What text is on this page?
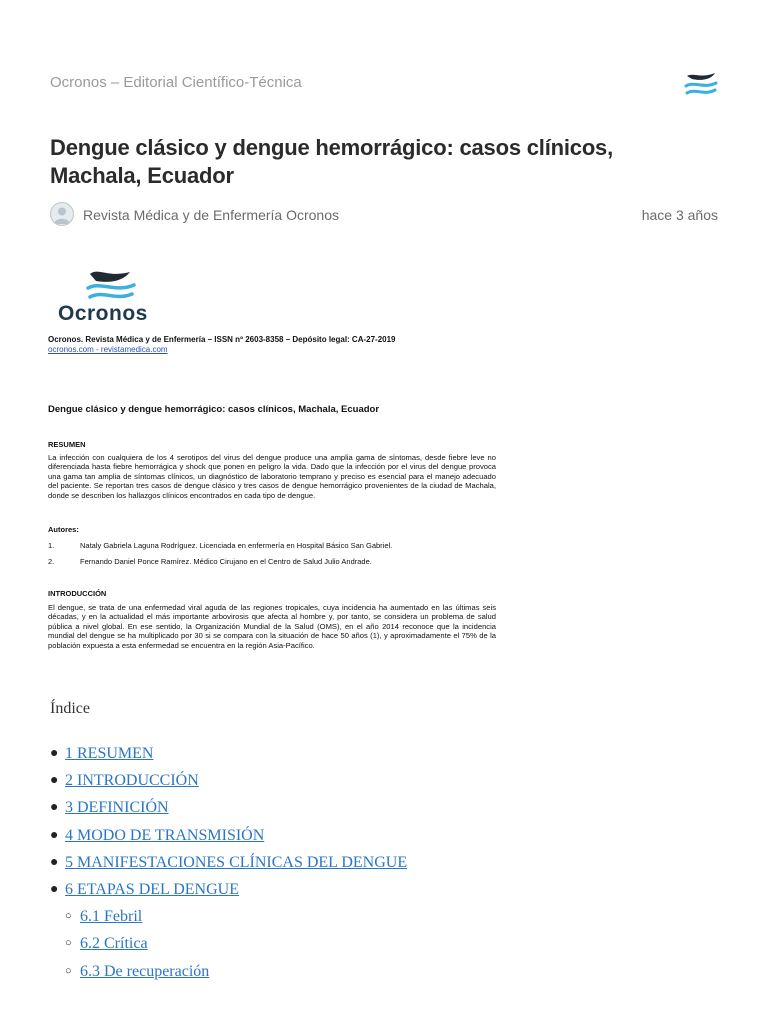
Ocronos – Editorial Científico-Técnica
Dengue clásico y dengue hemorrágico: casos clínicos, Machala, Ecuador
Revista Médica y de Enfermería Ocronos	hace 3 años
Ocronos
Ocronos. Revista Médica y de Enfermería – ISSN nº 2603-8358 – Depósito legal: CA-27-2019
ocronos.com - revistamedica.com
Dengue clásico y dengue hemorrágico: casos clínicos, Machala, Ecuador
RESUMEN
La infección con cualquiera de los 4 serotipos del virus del dengue produce una amplia gama de síntomas, desde fiebre leve no diferenciada hasta fiebre hemorrágica y shock que ponen en peligro la vida. Dado que la infección por el virus del dengue provoca una gama tan amplia de síntomas clínicos, un diagnóstico de laboratorio temprano y preciso es esencial para el manejo adecuado del paciente. Se reportan tres casos de dengue clásico y tres casos de dengue hemorrágico provenientes de la ciudad de Machala, donde se describen los hallazgos clínicos encontrados en cada tipo de dengue.
Autores:
1.	Nataly Gabriela Laguna Rodríguez. Licenciada en enfermería en Hospital Básico San Gabriel.
2.	Fernando Daniel Ponce Ramírez. Médico Cirujano en el Centro de Salud Julio Andrade.
INTRODUCCIÓN
El dengue, se trata de una enfermedad viral aguda de las regiones tropicales, cuya incidencia ha aumentado en las últimas seis décadas, y en la actualidad el más importante arbovirosis que afecta al hombre y, por tanto, se considera un problema de salud pública a nivel global. En ese sentido, la Organización Mundial de la Salud (OMS), en el año 2014 reconoce que la incidencia mundial del dengue se ha multiplicado por 30 si se compara con la situación de hace 50 años (1), y aproximadamente el 75% de la población expuesta a esta enfermedad se encuentra en la región Asia-Pacífico.
Índice
● 1 RESUMEN
● 2 INTRODUCCIÓN
● 3 DEFINICIÓN
● 4 MODO DE TRANSMISIÓN
● 5 MANIFESTACIONES CLÍNICAS DEL DENGUE
● 6 ETAPAS DEL DENGUE
○ 6.1 Febril
○ 6.2 Crítica
○ 6.3 De recuperación
